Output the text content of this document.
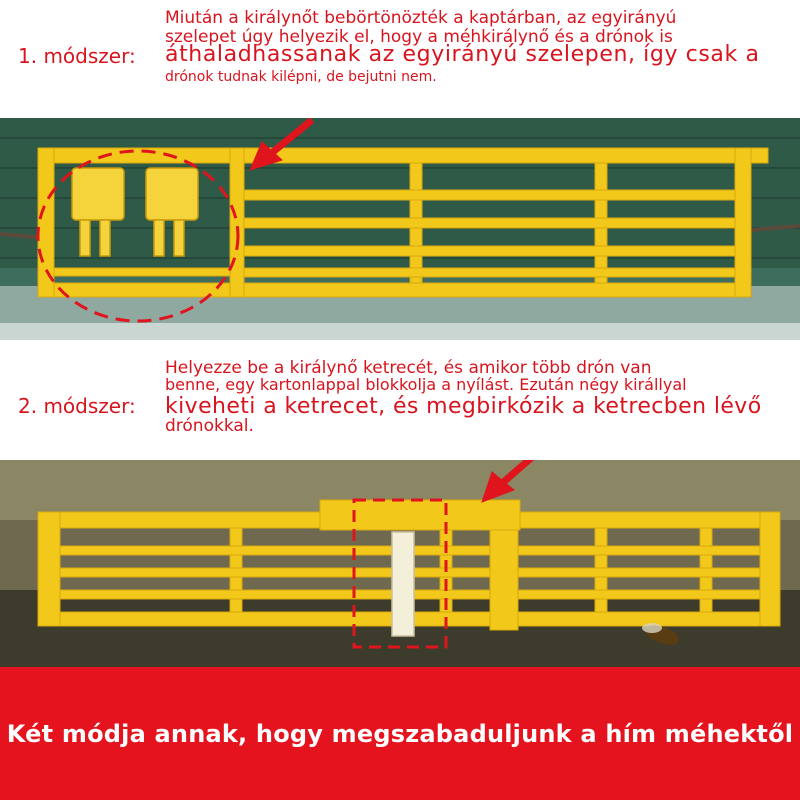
1. módszer:
Miután a királynőt bebörtönözték a kaptárban, az egyirányú
szelepet úgy helyezik el, hogy a méhkirálynő és a drónok is
áthaladhassanak az egyirányú szelepen, így csak a
drónok tudnak kilépni, de bejutni nem.
2. módszer:
Helyezze be a királynő ketrecét, és amikor több drón van
benne, egy kartonlappal blokkolja a nyílást. Ezután négy királlyal
kiveheti a ketrecet, és megbirkózik a ketrecben lévő
drónokkal.
Két módja annak, hogy megszabaduljunk a hím méhektől
